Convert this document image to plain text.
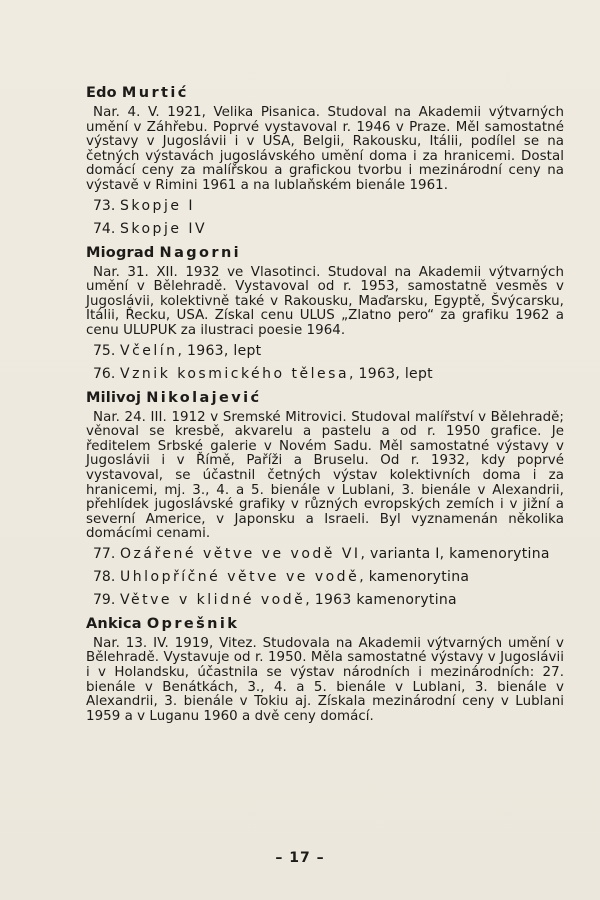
Edo Murtić

Nar. 4. V. 1921, Velika Pisanica. Studoval na Akademii výtvarných umění v Záhřebu. Poprvé vystavoval r. 1946 v Praze. Měl samostatné výstavy v Jugoslávii i v USA, Belgii, Rakousku, Itálii, podílel se na četných výstavách jugoslávského umění doma i za hranicemi. Dostal domácí ceny za malířskou a grafickou tvorbu i mezinárodní ceny na výstavě v Rimini 1961 a na lublaňském bienále 1961.

73. Skopje I
74. Skopje IV
Miograd Nagorni

Nar. 31. XII. 1932 ve Vlasotinci. Studoval na Akademii výtvarných umění v Bělehradě. Vystavoval od r. 1953, samostatně vesměs v Jugoslávii, kolektivně také v Rakousku, Maďarsku, Egyptě, Švýcarsku, Itálii, Řecku, USA. Získal cenu ULUS „Zlatno pero“ za grafiku 1962 a cenu ULUPUK za ilustraci poesie 1964.

75. Včelín, 1963, lept
76. Vznik kosmického tělesa, 1963, lept
Milivoj Nikolajević

Nar. 24. III. 1912 v Sremské Mitrovici. Studoval malířství v Bělehradě; věnoval se kresbě, akvarelu a pastelu a od r. 1950 grafice. Je ředitelem Srbské galerie v Novém Sadu. Měl samostatné výstavy v Jugoslávii i v Římě, Paříži a Bruselu. Od r. 1932, kdy poprvé vystavoval, se účastnil četných výstav kolektivních doma i za hranicemi, mj. 3., 4. a 5. bienále v Lublani, 3. bienále v Alexandrii, přehlídek jugoslávské grafiky v různých evropských zemích i v jižní a severní Americe, v Japonsku a Israeli. Byl vyznamenán několika domácími cenami.

77. Ozářené větve ve vodě VI, varianta I, kamenorytina
78. Uhlopříčné větve ve vodě, kamenorytina
79. Větve v klidné vodě, 1963 kamenorytina
Ankica Oprešnik

Nar. 13. IV. 1919, Vitez. Studovala na Akademii výtvarných umění v Bělehradě. Vystavuje od r. 1950. Měla samostatné výstavy v Jugoslávii i v Holandsku, účastnila se výstav národních i mezinárodních: 27. bienále v Benátkách, 3., 4. a 5. bienále v Lublani, 3. bienále v Alexandrii, 3. bienále v Tokiu aj. Získala mezinárodní ceny v Lublani 1959 a v Luganu 1960 a dvě ceny domácí.

– 17 –
